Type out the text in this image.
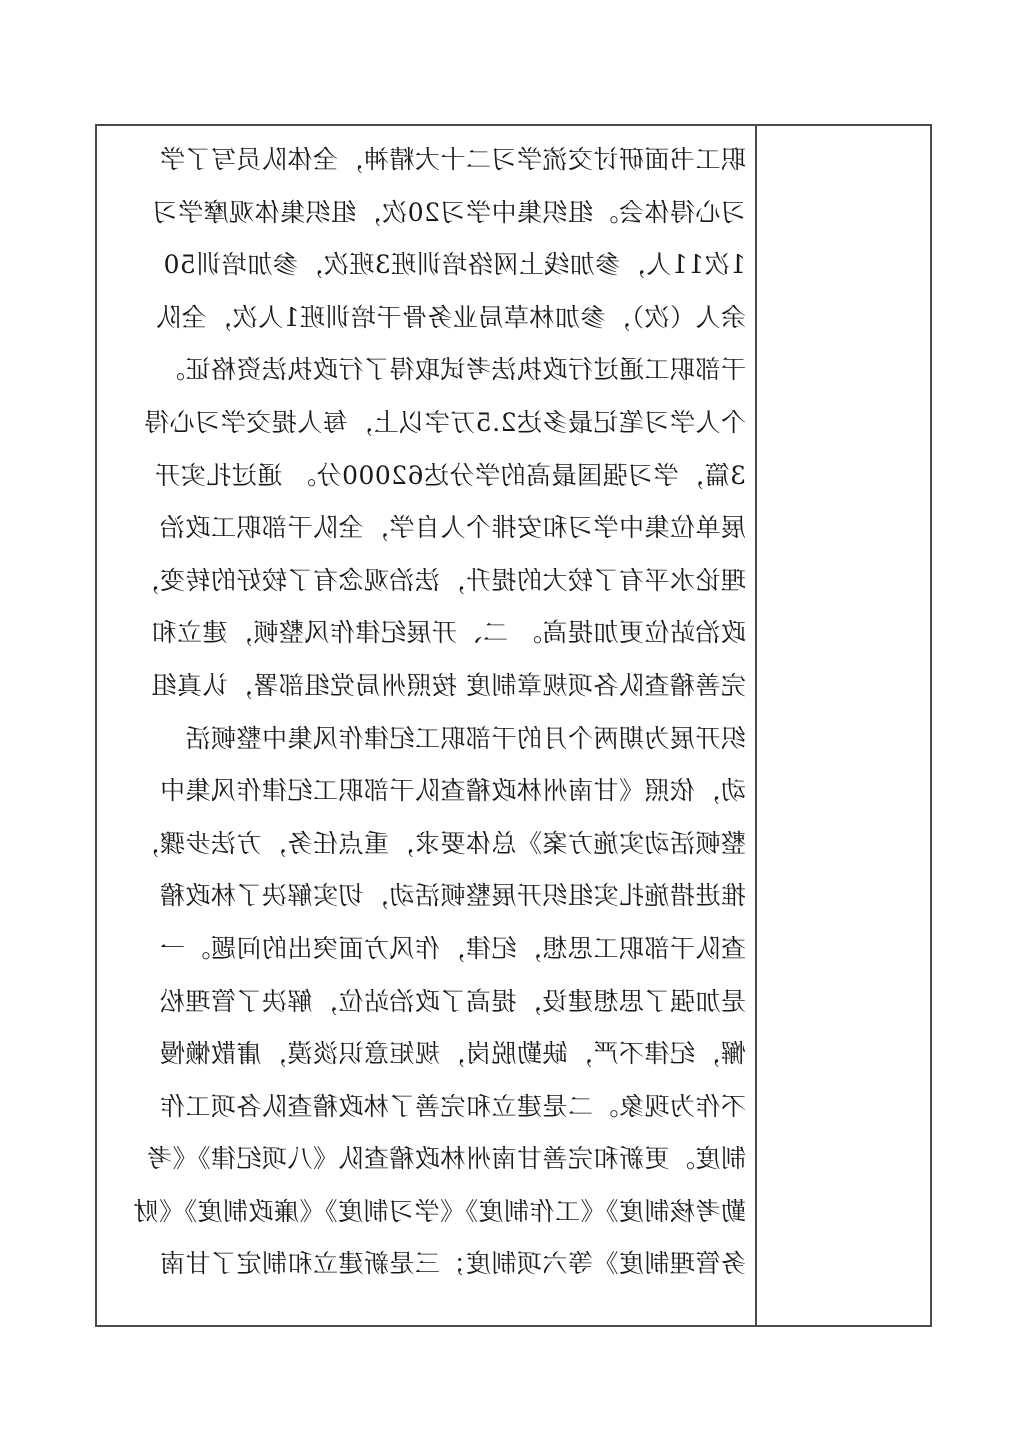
职工书面研讨交流学习二十大精神，全体队员写了学
习心得体会。组织集中学习20次，组织集体观摩学习
1次11人，参加线上网络培训班3班次，参加培训50
余人（次），参加林草局业务骨干培训班1人次，全队
干部职工通过行政执法考试取得了行政执法资格证。
个人学习笔记最多达2.5万字以上，每人提交学习心得
3篇，学习强国最高的学分达62000分。 通过扎实开
展单位集中学习和安排个人自学，全队干部职工政治
理论水平有了较大的提升，法治观念有了较好的转变，
政治站位更加提高。 二、开展纪律作风整顿，建立和
完善稽查队各项规章制度 按照州局党组部署，认真组
织开展为期两个月的干部职工纪律作风集中整顿活
动，依照《甘南州林政稽查队干部职工纪律作风集中
整顿活动实施方案》总体要求，重点任务，方法步骤，
推进措施扎实组织开展整顿活动，切实解决了林政稽
查队干部职工思想，纪律，作风方面突出的问题。一
是加强了思想建设，提高了政治站位，解决了管理松
懈，纪律不严，缺勤脱岗，规矩意识淡漠，庸散懒慢
不作为现象。二是建立和完善了林政稽查队各项工作
制度。更新和完善甘南州林政稽查队《八项纪律》《考
勤考核制度》《工作制度》《学习制度》《廉政制度》《财
务管理制度》等六项制度；三是新建立和制定了甘南
